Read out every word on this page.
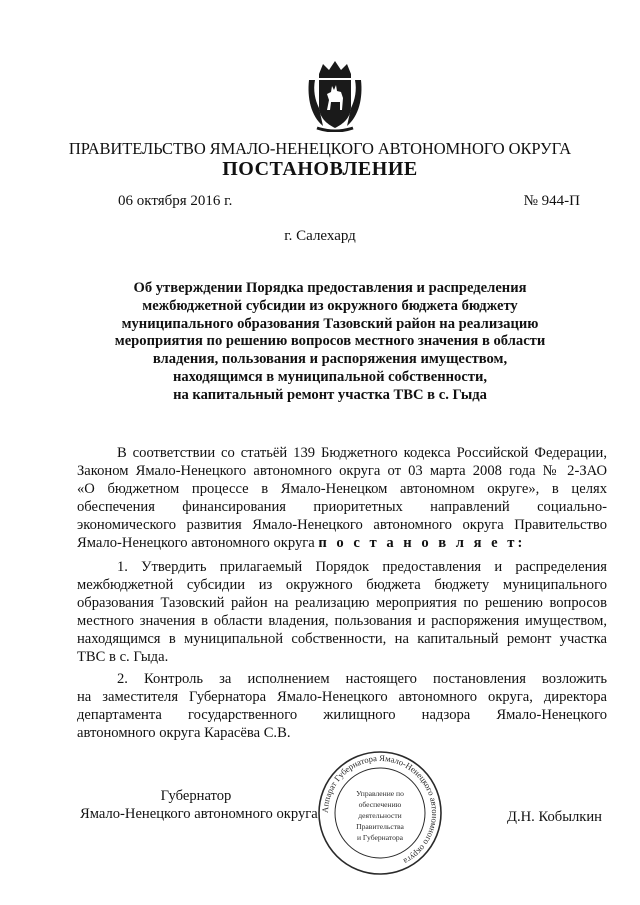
ПРАВИТЕЛЬСТВО ЯМАЛО-НЕНЕЦКОГО АВТОНОМНОГО ОКРУГА
ПОСТАНОВЛЕНИЕ
06 октября 2016 г.	№ 944-П
г. Салехард
Об утверждении Порядка предоставления и распределения
межбюджетной субсидии из окружного бюджета бюджету
муниципального образования Тазовский район на реализацию
мероприятия по решению вопросов местного значения в области
владения, пользования и распоряжения имуществом,
находящимся в муниципальной собственности,
на капитальный ремонт участка ТВС в с. Гыда
В соответствии со статьёй 139 Бюджетного кодекса Российской Федерации,
Законом Ямало-Ненецкого автономного округа от 03 марта 2008 года № 2-ЗАО
«О бюджетном процессе в Ямало-Ненецком автономном округе», в целях
обеспечения финансирования приоритетных направлений социально-
экономического развития Ямало-Ненецкого автономного округа Правительство
Ямало-Ненецкого автономного округа п о с т а н о в л я е т:
1. Утвердить прилагаемый Порядок предоставления и распределения
межбюджетной субсидии из окружного бюджета бюджету муниципального
образования Тазовский район на реализацию мероприятия по решению вопросов
местного значения в области владения, пользования и распоряжения имуществом,
находящимся в муниципальной собственности, на капитальный ремонт участка
ТВС в с. Гыда.
2. Контроль за исполнением настоящего постановления возложить
на заместителя Губернатора Ямало-Ненецкого автономного округа, директора
департамента государственного жилищного надзора Ямало-Ненецкого
автономного округа Карасёва С.В.
Губернатор
Ямало-Ненецкого автономного округа	Д.Н. Кобылкин
Аппарат Губернатора Ямало-Ненецкого автономного округа
Управление по
обеспечению
деятельности
Правительства
и Губернатора
